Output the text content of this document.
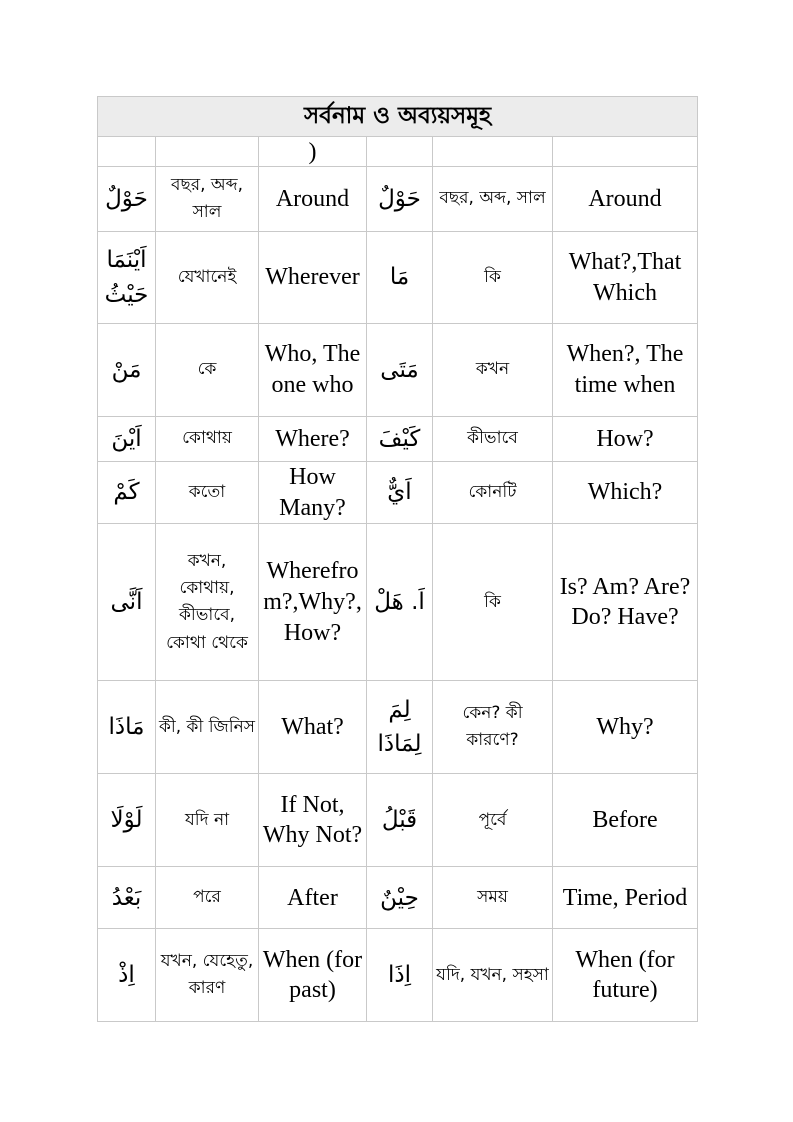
সর্বনাম ও অব্যয়সমূহ					
		)			
حَوْلٌ	বছর, অব্দ, সাল	Around	حَوْلٌ	বছর, অব্দ, সাল	Around
اَيْنَمَا حَيْثُ	যেখানেই	Wherever	مَا	কি	What?,That Which
مَنْ	কে	Who, The one who	مَتَى	কখন	When?, The time when
اَيْنَ	কোথায়	Where?	كَيْفَ	কীভাবে	How?
كَمْ	কতো	How Many?	اَيٌّ	কোনটি	Which?
اَنَّى	কখন, কোথায়, কীভাবে, কোথা থেকে	Wherefrom?,Why?, How?	اَ. هَلْ	কি	Is? Am? Are? Do? Have?
مَاذَا	কী, কী জিনিস	What?	لِمَ لِمَاذَا	কেন? কী কারণে?	Why?
لَوْلَا	যদি না	If Not, Why Not?	قَبْلُ	পূর্বে	Before
بَعْدُ	পরে	After	حِيْنٌ	সময়	Time, Period
اِذْ	যখন, যেহেতু, কারণ	When (for past)	اِذَا	যদি, যখন, সহসা	When (for future)
